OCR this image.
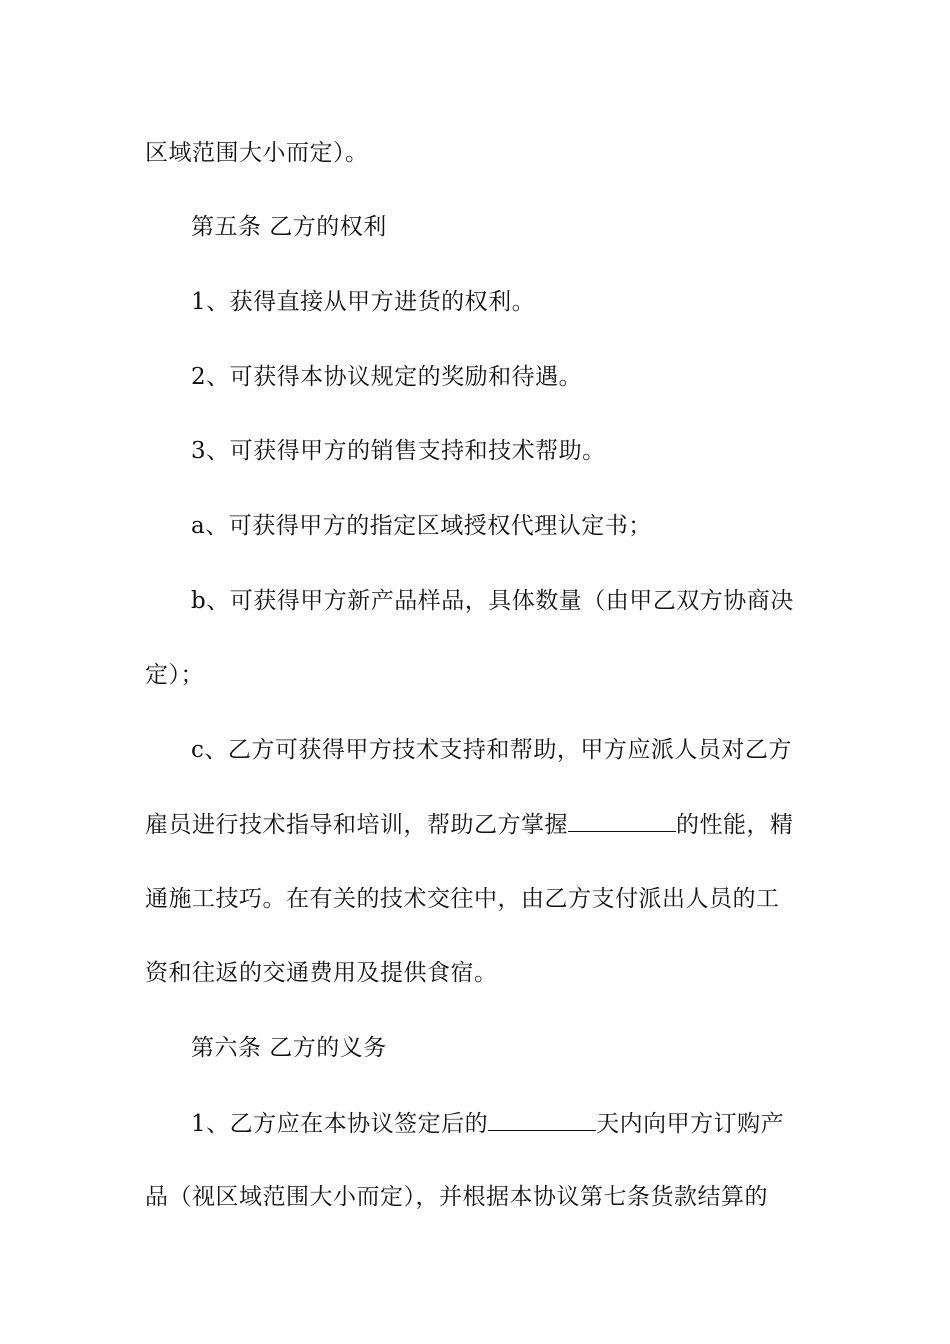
区域范围大小而定）。
第五条 乙方的权利
1、获得直接从甲方进货的权利。
2、可获得本协议规定的奖励和待遇。
3、可获得甲方的销售支持和技术帮助。
a、可获得甲方的指定区域授权代理认定书；
b、可获得甲方新产品样品，具体数量（由甲乙双方协商决
定）；
c、乙方可获得甲方技术支持和帮助，甲方应派人员对乙方
雇员进行技术指导和培训，帮助乙方掌握	的性能，精
通施工技巧。在有关的技术交往中，由乙方支付派出人员的工
资和往返的交通费用及提供食宿。
第六条 乙方的义务
1、乙方应在本协议签定后的	天内向甲方订购产
品（视区域范围大小而定），并根据本协议第七条货款结算的
